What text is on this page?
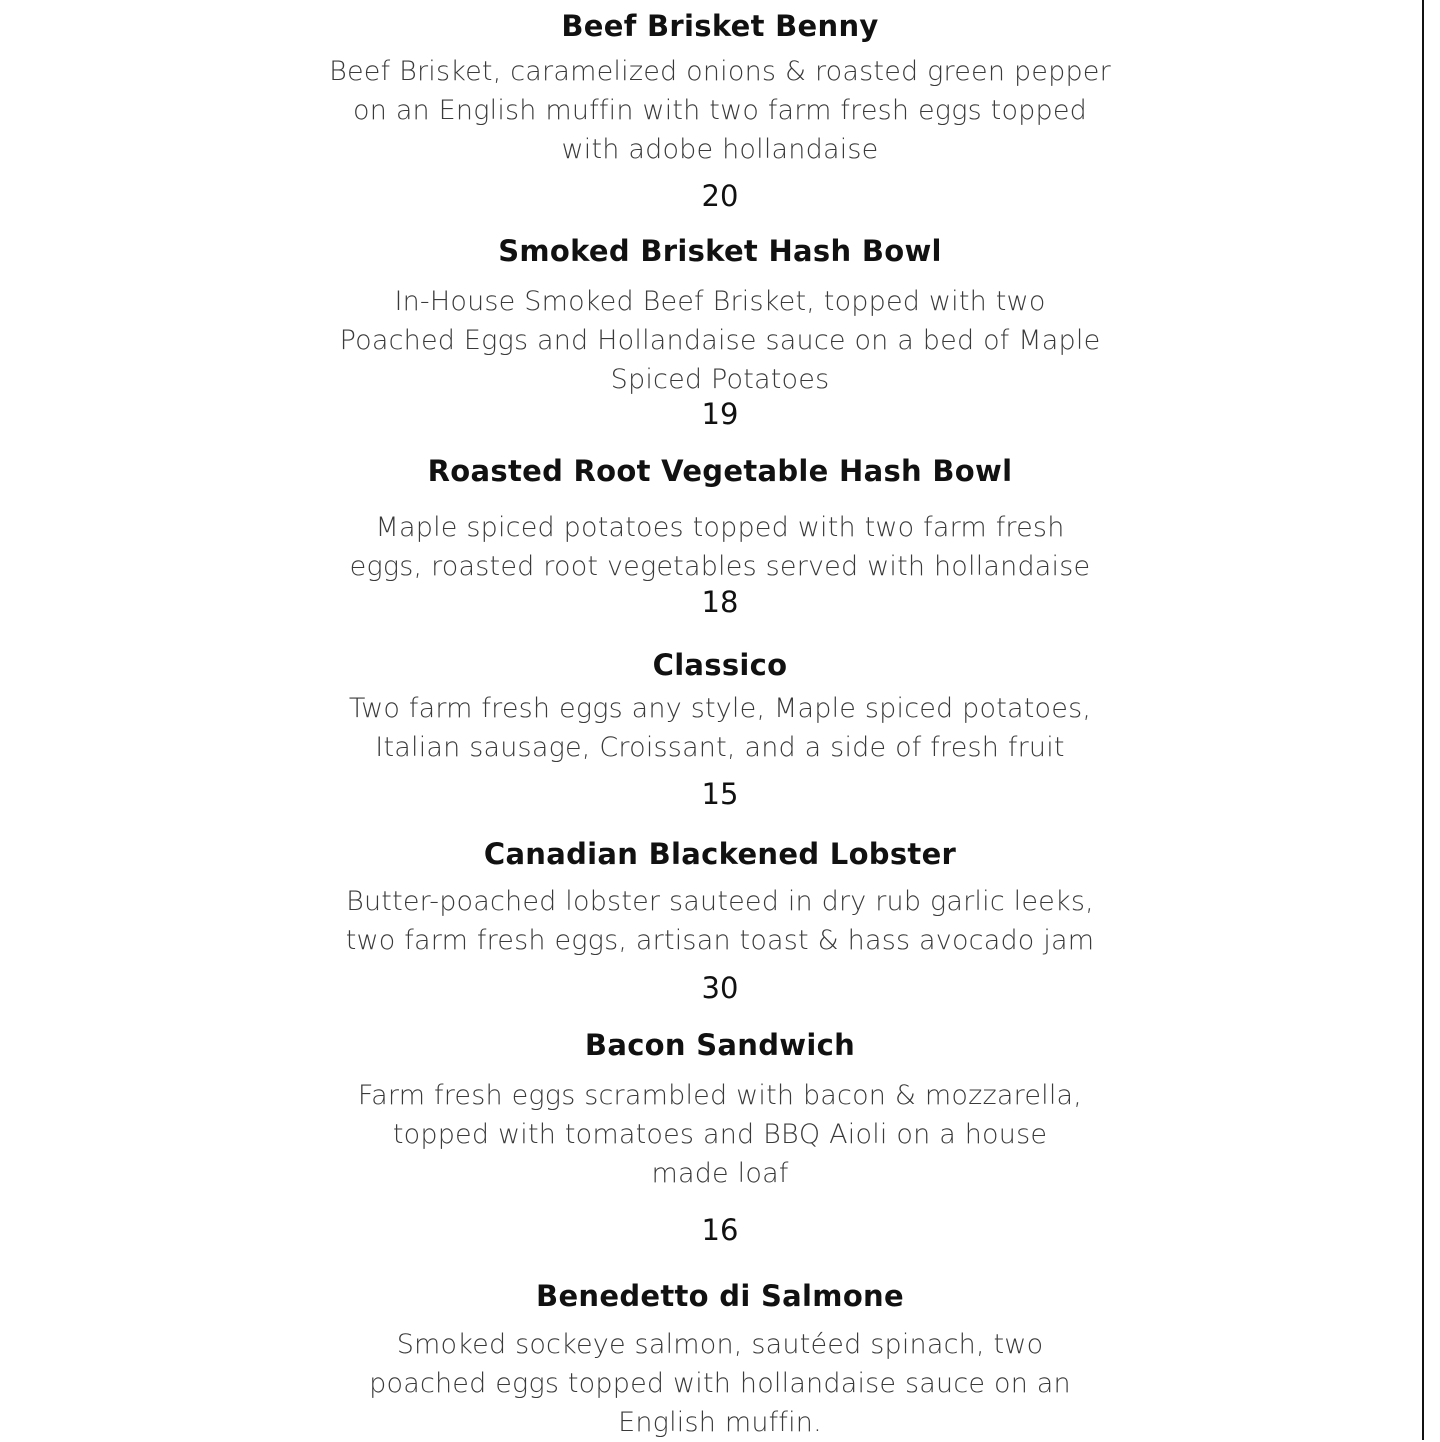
Beef Brisket Benny
Beef Brisket, caramelized onions & roasted green pepper
on an English muffin with two farm fresh eggs topped
with adobe hollandaise
20
Smoked Brisket Hash Bowl
In-House Smoked Beef Brisket, topped with two
Poached Eggs and Hollandaise sauce on a bed of Maple
Spiced Potatoes
19
Roasted Root Vegetable Hash Bowl
Maple spiced potatoes topped with two farm fresh
eggs, roasted root vegetables served with hollandaise
18
Classico
Two farm fresh eggs any style, Maple spiced potatoes,
Italian sausage, Croissant, and a side of fresh fruit
15
Canadian Blackened Lobster
Butter-poached lobster sauteed in dry rub garlic leeks,
two farm fresh eggs, artisan toast & hass avocado jam
30
Bacon Sandwich
Farm fresh eggs scrambled with bacon & mozzarella,
topped with tomatoes and BBQ Aioli on a house
made loaf
16
Benedetto di Salmone
Smoked sockeye salmon, sautéed spinach, two
poached eggs topped with hollandaise sauce on an
English muffin.
